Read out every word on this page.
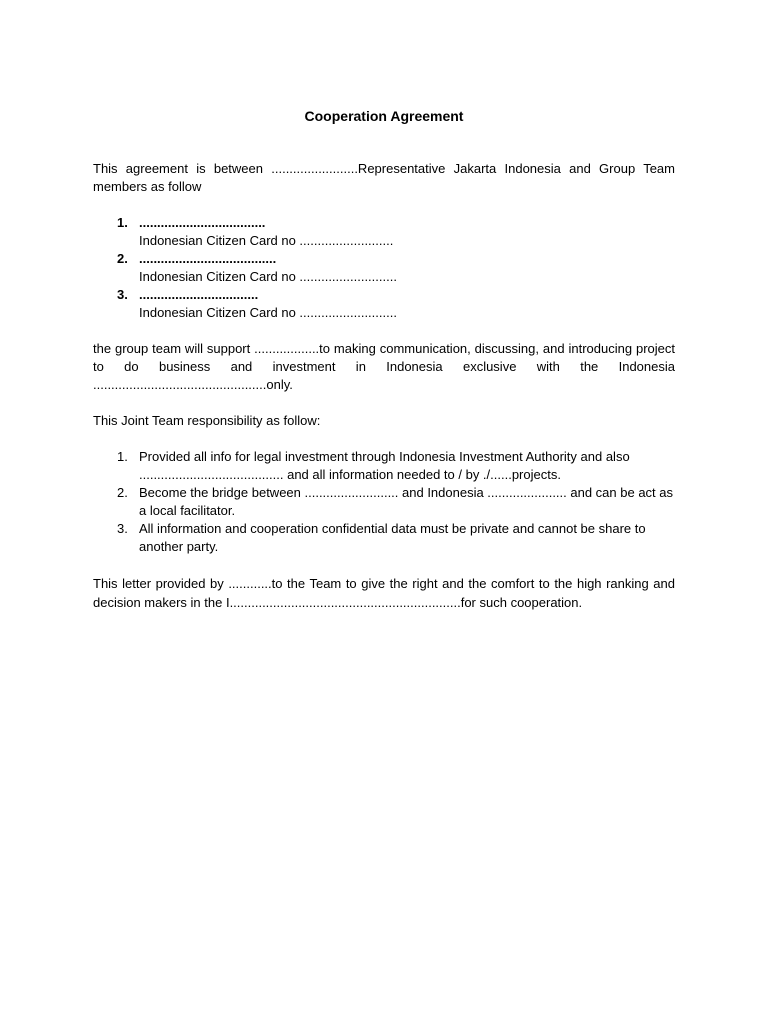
Cooperation Agreement

This agreement is between ........................Representative Jakarta Indonesia and Group Team members as follow

1. ...................................
Indonesian Citizen Card no ..........................
2. ......................................
Indonesian Citizen Card no ...........................
3. .................................
Indonesian Citizen Card no ...........................

the group team will support ..................to making communication, discussing, and introducing project to do business and investment in Indonesia exclusive with the Indonesia ................................................only.

This Joint Team responsibility as follow:

1. Provided all info for legal investment through Indonesia Investment Authority and also ........................................ and all information needed to / by ./......projects.
2. Become the bridge between .......................... and Indonesia ...................... and can be act as a local facilitator.
3. All information and cooperation confidential data must be private and cannot be share to another party.

This letter provided by ............to the Team to give the right and the comfort to the high ranking and decision makers in the I................................................................for such cooperation.
